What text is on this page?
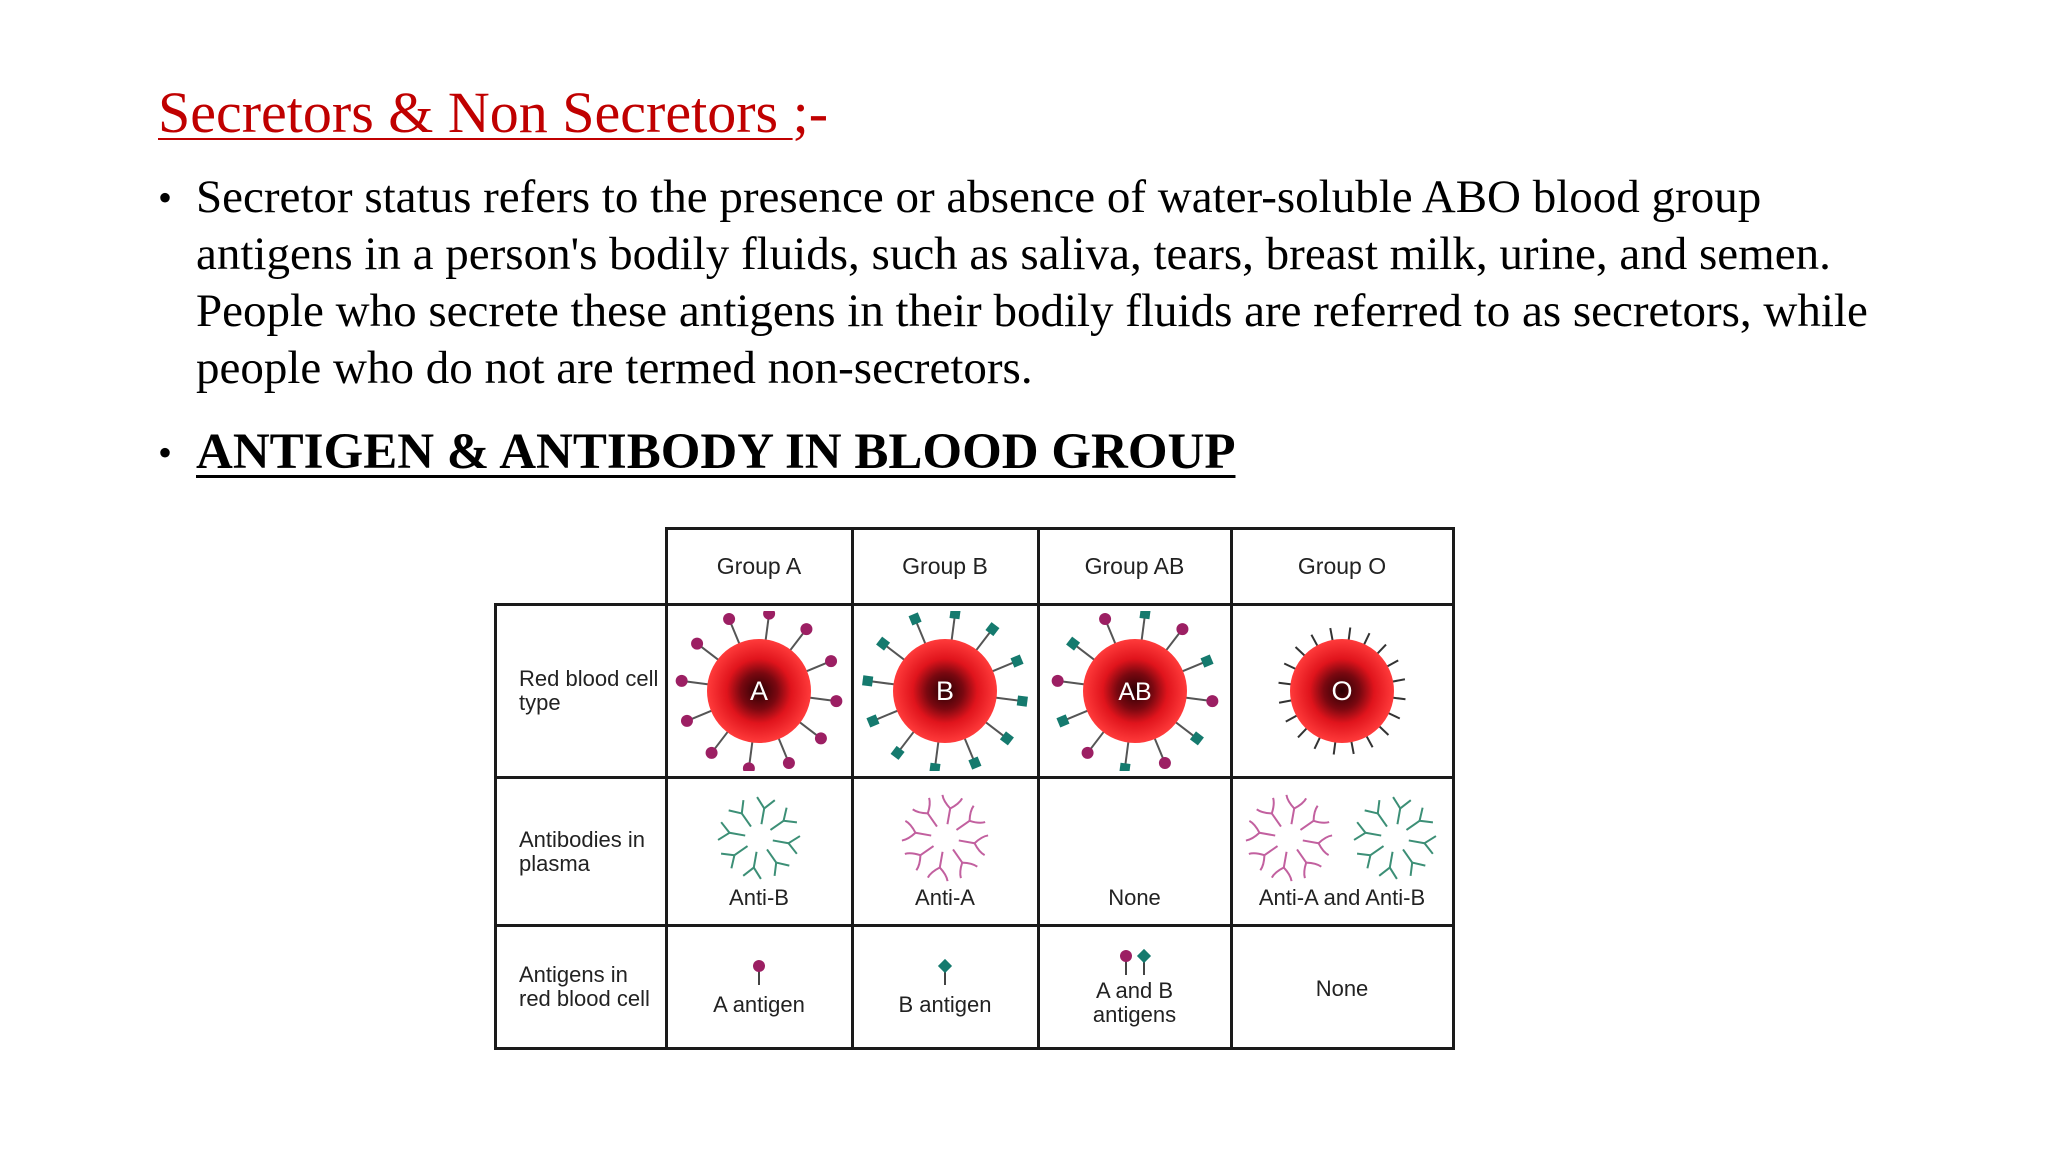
Secretors & Non Secretors ;-
• Secretor status refers to the presence or absence of water-soluble ABO blood group antigens in a person's bodily fluids, such as saliva, tears, breast milk, urine, and semen. People who secrete these antigens in their bodily fluids are referred to as secretors, while people who do not are termed non-secretors.
• ANTIGEN & ANTIBODY IN BLOOD GROUP
	Group A	Group B	Group AB	Group O
Red blood cell type	A	B	AB	O

Antibodies in plasma	Anti-B	Anti-A	None	Anti-A and Anti-B

Antigens in red blood cell	A antigen	B antigen	A and B antigens	None
